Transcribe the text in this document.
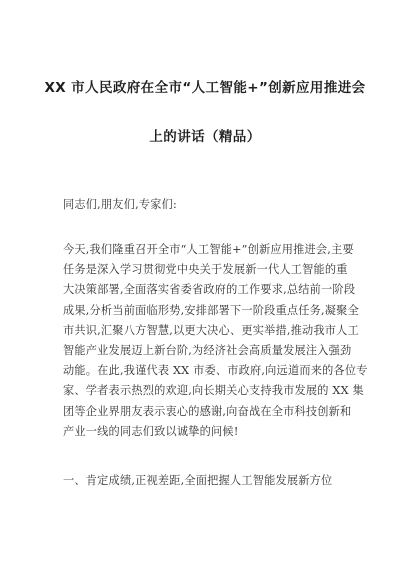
XX 市人民政府在全市“人工智能+”创新应用推进会
上的讲话（精品）
同志们,朋友们,专家们:
今天,我们隆重召开全市“人工智能+”创新应用推进会,主要
任务是深入学习贯彻党中央关于发展新一代人工智能的重
大决策部署,全面落实省委省政府的工作要求,总结前一阶段
成果,分析当前面临形势,安排部署下一阶段重点任务,凝聚全
市共识,汇聚八方智慧,以更大决心、更实举措,推动我市人工
智能产业发展迈上新台阶,为经济社会高质量发展注入强劲
动能。在此,我谨代表 XX 市委、市政府,向远道而来的各位专
家、学者表示热烈的欢迎,向长期关心支持我市发展的 XX 集
团等企业界朋友表示衷心的感谢,向奋战在全市科技创新和
产业一线的同志们致以诚挚的问候!
一、肯定成绩,正视差距,全面把握人工智能发展新方位
